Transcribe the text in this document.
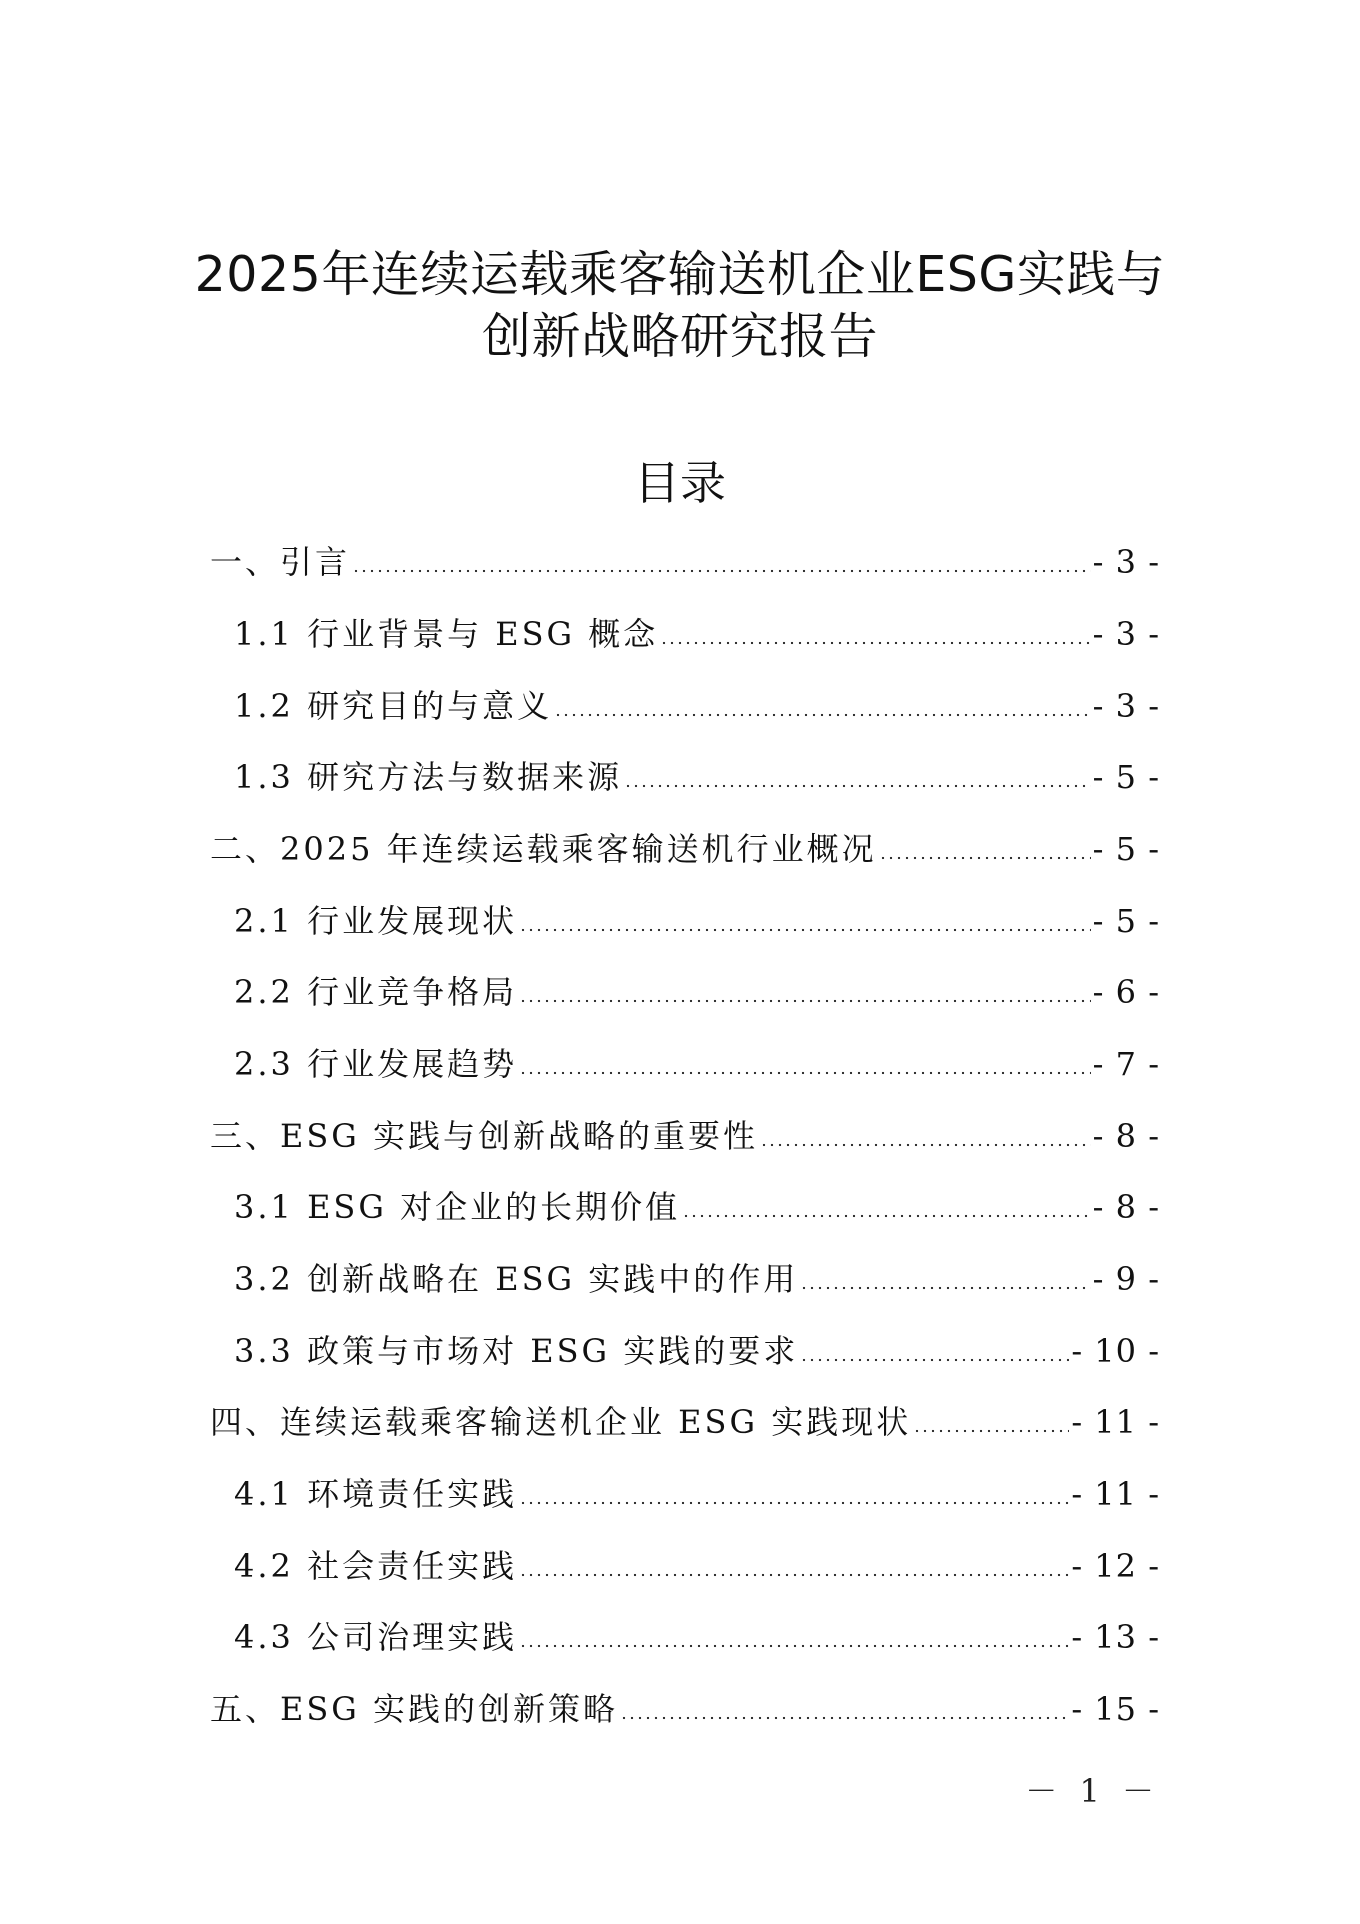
2025年连续运载乘客输送机企业ESG实践与
创新战略研究报告
目录
一、引言	- 3 -
1.1 行业背景与 ESG 概念	- 3 -
1.2 研究目的与意义	- 3 -
1.3 研究方法与数据来源	- 5 -
二、2025 年连续运载乘客输送机行业概况	- 5 -
2.1 行业发展现状	- 5 -
2.2 行业竞争格局	- 6 -
2.3 行业发展趋势	- 7 -
三、ESG 实践与创新战略的重要性	- 8 -
3.1 ESG 对企业的长期价值	- 8 -
3.2 创新战略在 ESG 实践中的作用	- 9 -
3.3 政策与市场对 ESG 实践的要求	- 10 -
四、连续运载乘客输送机企业 ESG 实践现状	- 11 -
4.1 环境责任实践	- 11 -
4.2 社会责任实践	- 12 -
4.3 公司治理实践	- 13 -
五、ESG 实践的创新策略	- 15 -
－ 1 －
